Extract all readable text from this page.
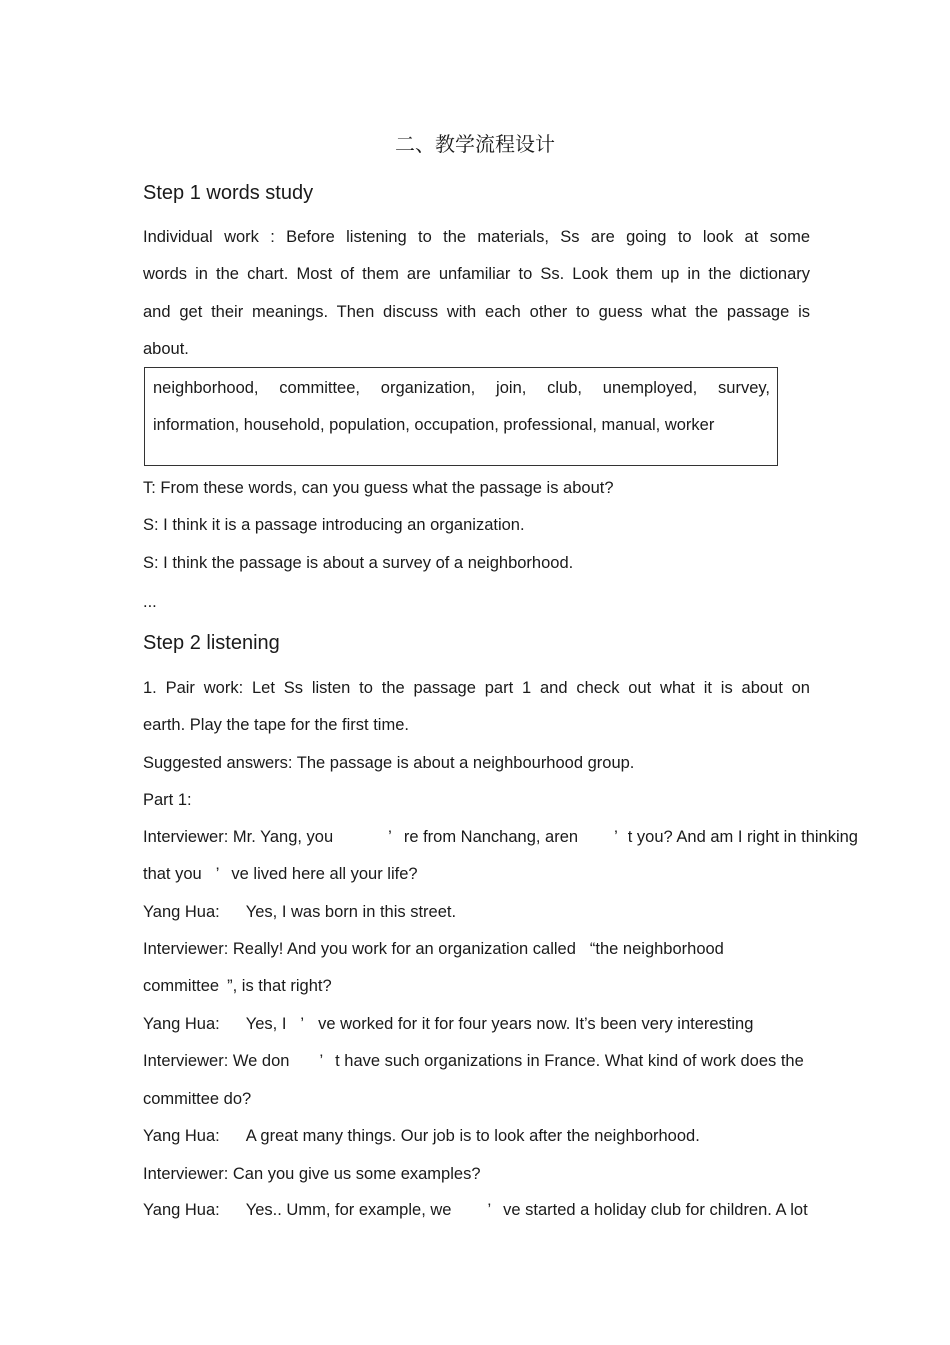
二、教学流程设计
Step 1 words study
Individual work : Before listening to the materials, Ss are going to look at some
words in the chart. Most of them are unfamiliar to Ss. Look them up in the dictionary
and get their meanings. Then discuss with each other to guess what the passage is
about.
neighborhood, committee, organization, join, club, unemployed, survey,
information, household, population, occupation, professional, manual, worker
T: From these words, can you guess what the passage is about?
S: I think it is a passage introducing an organization.
S: I think the passage is about a survey of a neighborhood.
...
Step 2 listening
1. Pair work: Let Ss listen to the passage part 1 and check out what it is about on
earth. Play the tape for the first time.
Suggested answers: The passage is about a neighbourhood group.
Part 1:
Interviewer: Mr. Yang, you	’ re from Nanchang, aren ’ t you? And am I right in thinking
that you ’ ve lived here all your life?
Yang Hua: Yes, I was born in this street.
Interviewer: Really! And you work for an organization called “the neighborhood
committee ”, is that right?
Yang Hua: Yes, I ’ ve worked for it for four years now. It’s been very interesting
Interviewer: We don ’ t have such organizations in France. What kind of work does the
committee do?
Yang Hua: A great many things. Our job is to look after the neighborhood.
Interviewer: Can you give us some examples?
Yang Hua: Yes.. Umm, for example, we ’ ve started a holiday club for children. A lot
